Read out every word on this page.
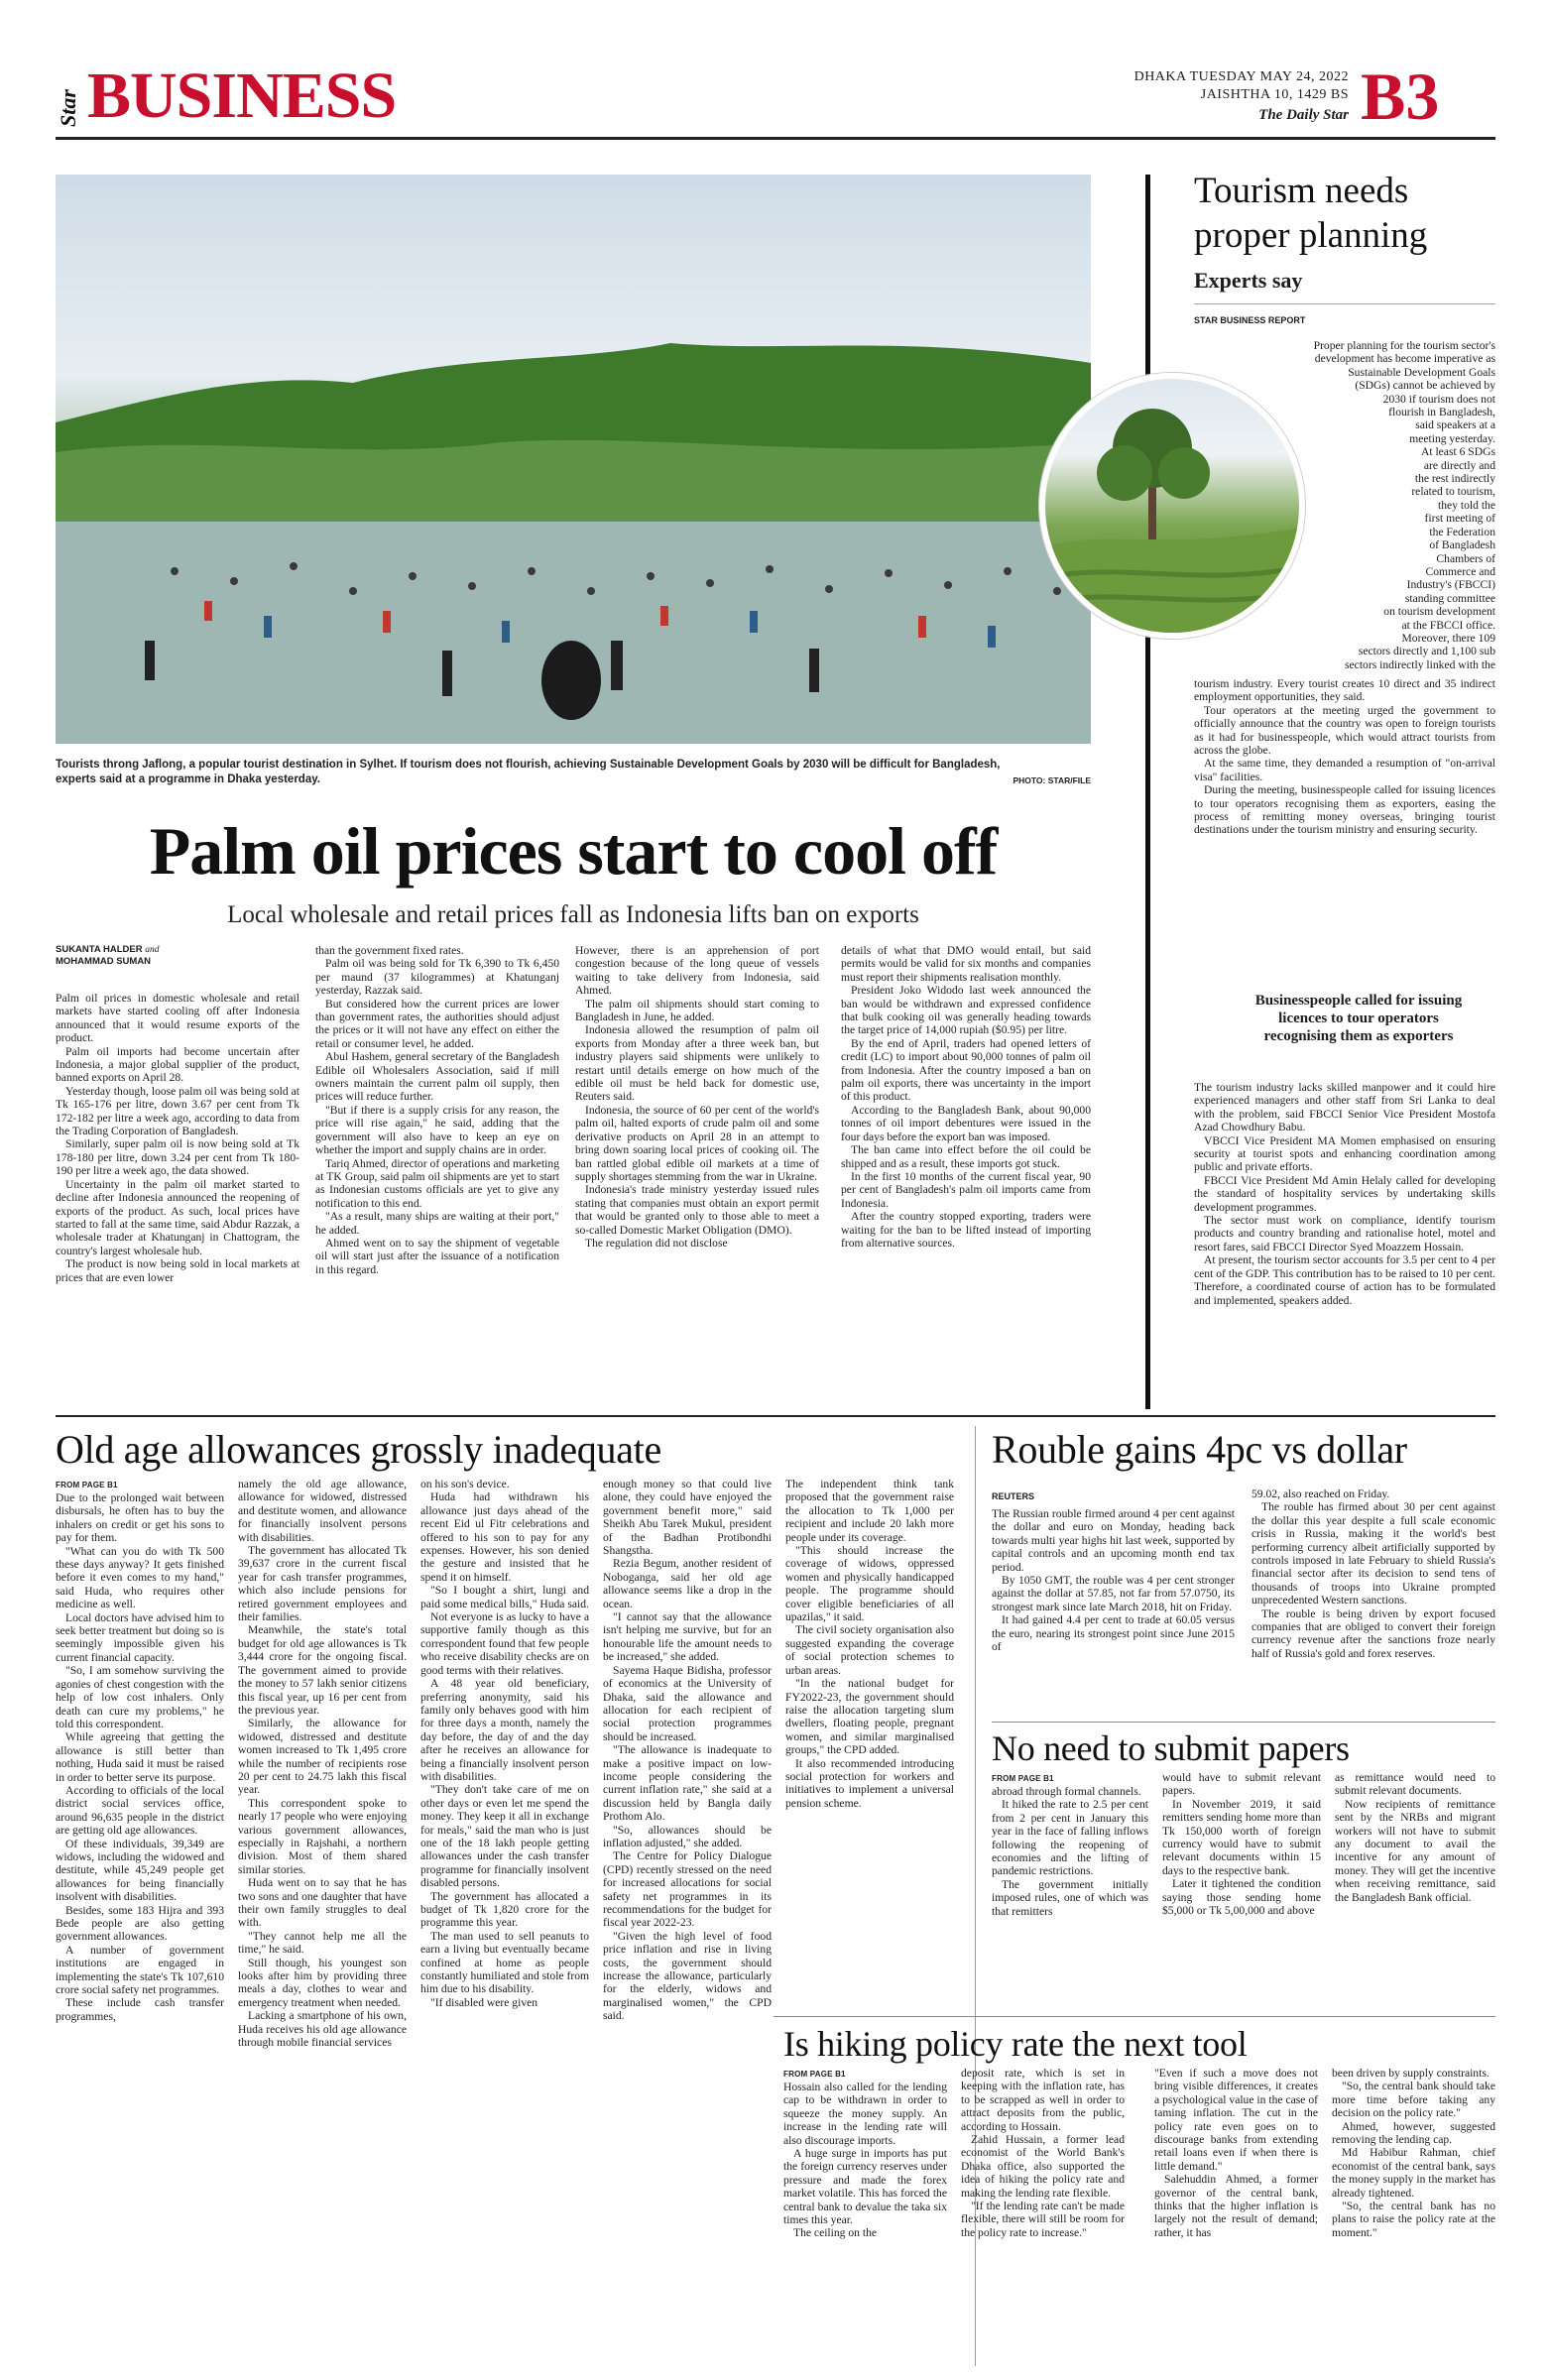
Star BUSINESS	DHAKA TUESDAY MAY 24, 2022
JAISHTHA 10, 1429 BS
The Daily Star B3
Tourists throng Jaflong, a popular tourist destination in Sylhet. If tourism does not flourish, achieving Sustainable Development Goals by 2030 will be difficult for Bangladesh, experts said at a programme in Dhaka yesterday.	PHOTO: STAR/FILE
Palm oil prices start to cool off
Local wholesale and retail prices fall as Indonesia lifts ban on exports
SUKANTA HALDER and
MOHAMMAD SUMAN

Palm oil prices in domestic wholesale and retail markets have started cooling off after Indonesia announced that it would resume exports of the product.

Palm oil imports had become uncertain after Indonesia, a major global supplier of the product, banned exports on April 28.

Yesterday though, loose palm oil was being sold at Tk 165-176 per litre, down 3.67 per cent from Tk 172-182 per litre a week ago, according to data from the Trading Corporation of Bangladesh.

Similarly, super palm oil is now being sold at Tk 178-180 per litre, down 3.24 per cent from Tk 180-190 per litre a week ago, the data showed.

Uncertainty in the palm oil market started to decline after Indonesia announced the reopening of exports of the product. As such, local prices have started to fall at the same time, said Abdur Razzak, a wholesale trader at Khatunganj in Chattogram, the country's largest wholesale hub.

The product is now being sold in local markets at prices that are even lower

than the government fixed rates.

Palm oil was being sold for Tk 6,390 to Tk 6,450 per maund (37 kilogrammes) at Khatunganj yesterday, Razzak said.

But considered how the current prices are lower than government rates, the authorities should adjust the prices or it will not have any effect on either the retail or consumer level, he added.

Abul Hashem, general secretary of the Bangladesh Edible oil Wholesalers Association, said if mill owners maintain the current palm oil supply, then prices will reduce further.

"But if there is a supply crisis for any reason, the price will rise again," he said, adding that the government will also have to keep an eye on whether the import and supply chains are in order.

Tariq Ahmed, director of operations and marketing at TK Group, said palm oil shipments are yet to start as Indonesian customs officials are yet to give any notification to this end.

"As a result, many ships are waiting at their port," he added.

Ahmed went on to say the shipment of vegetable oil will start just after the issuance of a notification in this regard.

However, there is an apprehension of port congestion because of the long queue of vessels waiting to take delivery from Indonesia, said Ahmed.

The palm oil shipments should start coming to Bangladesh in June, he added.

Indonesia allowed the resumption of palm oil exports from Monday after a three week ban, but industry players said shipments were unlikely to restart until details emerge on how much of the edible oil must be held back for domestic use, Reuters said.

Indonesia, the source of 60 per cent of the world's palm oil, halted exports of crude palm oil and some derivative products on April 28 in an attempt to bring down soaring local prices of cooking oil. The ban rattled global edible oil markets at a time of supply shortages stemming from the war in Ukraine.

Indonesia's trade ministry yesterday issued rules stating that companies must obtain an export permit that would be granted only to those able to meet a so-called Domestic Market Obligation (DMO).

The regulation did not disclose

details of what that DMO would entail, but said permits would be valid for six months and companies must report their shipments realisation monthly.

President Joko Widodo last week announced the ban would be withdrawn and expressed confidence that bulk cooking oil was generally heading towards the target price of 14,000 rupiah ($0.95) per litre.

By the end of April, traders had opened letters of credit (LC) to import about 90,000 tonnes of palm oil from Indonesia. After the country imposed a ban on palm oil exports, there was uncertainty in the import of this product.

According to the Bangladesh Bank, about 90,000 tonnes of oil import debentures were issued in the four days before the export ban was imposed.

The ban came into effect before the oil could be shipped and as a result, these imports got stuck.

In the first 10 months of the current fiscal year, 90 per cent of Bangladesh's palm oil imports came from Indonesia.

After the country stopped exporting, traders were waiting for the ban to be lifted instead of importing from alternative sources.

Tourism needs proper planning
Experts say
STAR BUSINESS REPORT
Proper planning for the tourism sector's
development has become imperative as
Sustainable Development Goals
(SDGs) cannot be achieved by
2030 if tourism does not
flourish in Bangladesh,
said speakers at a
meeting yesterday.
At least 6 SDGs
are directly and
the rest indirectly
related to tourism,
they told the
first meeting of
the Federation
of Bangladesh
Chambers of
Commerce and
Industry's (FBCCI)
standing committee
on tourism development
at the FBCCI office.
Moreover, there 109
sectors directly and 1,100 sub
sectors indirectly linked with the

tourism industry. Every tourist creates 10 direct and 35 indirect employment opportunities, they said.

Tour operators at the meeting urged the government to officially announce that the country was open to foreign tourists as it had for businesspeople, which would attract tourists from across the globe.

At the same time, they demanded a resumption of "on-arrival visa" facilities.

During the meeting, businesspeople called for issuing licences to tour operators recognising them as exporters, easing the process of remitting money overseas, bringing tourist destinations under the tourism ministry and ensuring security.

Businesspeople called for issuing licences to tour operators recognising them as exporters

The tourism industry lacks skilled manpower and it could hire experienced managers and other staff from Sri Lanka to deal with the problem, said FBCCI Senior Vice President Mostofa Azad Chowdhury Babu.

VBCCI Vice President MA Momen emphasised on ensuring security at tourist spots and enhancing coordination among public and private efforts.

FBCCI Vice President Md Amin Helaly called for developing the standard of hospitality services by undertaking skills development programmes.

The sector must work on compliance, identify tourism products and country branding and rationalise hotel, motel and resort fares, said FBCCI Director Syed Moazzem Hossain.

At present, the tourism sector accounts for 3.5 per cent to 4 per cent of the GDP. This contribution has to be raised to 10 per cent. Therefore, a coordinated course of action has to be formulated and implemented, speakers added.

Old age allowances grossly inadequate
FROM PAGE B1

Due to the prolonged wait between disbursals, he often has to buy the inhalers on credit or get his sons to pay for them.

"What can you do with Tk 500 these days anyway? It gets finished before it even comes to my hand," said Huda, who requires other medicine as well.

Local doctors have advised him to seek better treatment but doing so is seemingly impossible given his current financial capacity.

"So, I am somehow surviving the agonies of chest congestion with the help of low cost inhalers. Only death can cure my problems," he told this correspondent.

While agreeing that getting the allowance is still better than nothing, Huda said it must be raised in order to better serve its purpose.

According to officials of the local district social services office, around 96,635 people in the district are getting old age allowances.

Of these individuals, 39,349 are widows, including the widowed and destitute, while 45,249 people get allowances for being financially insolvent with disabilities.

Besides, some 183 Hijra and 393 Bede people are also getting government allowances.

A number of government institutions are engaged in implementing the state's Tk 107,610 crore social safety net programmes.

These include cash transfer programmes,

namely the old age allowance, allowance for widowed, distressed and destitute women, and allowance for financially insolvent persons with disabilities.

The government has allocated Tk 39,637 crore in the current fiscal year for cash transfer programmes, which also include pensions for retired government employees and their families.

Meanwhile, the state's total budget for old age allowances is Tk 3,444 crore for the ongoing fiscal. The government aimed to provide the money to 57 lakh senior citizens this fiscal year, up 16 per cent from the previous year.

Similarly, the allowance for widowed, distressed and destitute women increased to Tk 1,495 crore while the number of recipients rose 20 per cent to 24.75 lakh this fiscal year.

This correspondent spoke to nearly 17 people who were enjoying various government allowances, especially in Rajshahi, a northern division. Most of them shared similar stories.

Huda went on to say that he has two sons and one daughter that have their own family struggles to deal with.

"They cannot help me all the time," he said.

Still though, his youngest son looks after him by providing three meals a day, clothes to wear and emergency treatment when needed.

Lacking a smartphone of his own, Huda receives his old age allowance through mobile financial services

on his son's device.

Huda had withdrawn his allowance just days ahead of the recent Eid ul Fitr celebrations and offered to his son to pay for any expenses. However, his son denied the gesture and insisted that he spend it on himself.

"So I bought a shirt, lungi and paid some medical bills," Huda said.

Not everyone is as lucky to have a supportive family though as this correspondent found that few people who receive disability checks are on good terms with their relatives.

A 48 year old beneficiary, preferring anonymity, said his family only behaves good with him for three days a month, namely the day before, the day of and the day after he receives an allowance for being a financially insolvent person with disabilities.

"They don't take care of me on other days or even let me spend the money. They keep it all in exchange for meals," said the man who is just one of the 18 lakh people getting allowances under the cash transfer programme for financially insolvent disabled persons.

The government has allocated a budget of Tk 1,820 crore for the programme this year.

The man used to sell peanuts to earn a living but eventually became confined at home as people constantly humiliated and stole from him due to his disability.

"If disabled were given

enough money so that could live alone, they could have enjoyed the government benefit more," said Sheikh Abu Tarek Mukul, president of the Badhan Protibondhi Shangstha.

Rezia Begum, another resident of Nobogangа, said her old age allowance seems like a drop in the ocean.

"I cannot say that the allowance isn't helping me survive, but for an honourable life the amount needs to be increased," she added.

Sayema Haque Bidisha, professor of economics at the University of Dhaka, said the allowance and allocation for each recipient of social protection programmes should be increased.

"The allowance is inadequate to make a positive impact on low-income people considering the current inflation rate," she said at a discussion held by Bangla daily Prothom Alo.

"So, allowances should be inflation adjusted," she added.

The Centre for Policy Dialogue (CPD) recently stressed on the need for increased allocations for social safety net programmes in its recommendations for the budget for fiscal year 2022-23.

"Given the high level of food price inflation and rise in living costs, the government should increase the allowance, particularly for the elderly, widows and marginalised women," the CPD said.

The independent think tank proposed that the government raise the allocation to Tk 1,000 per recipient and include 20 lakh more people under its coverage.

"This should increase the coverage of widows, oppressed women and physically handicapped people. The programme should cover eligible beneficiaries of all upazilas," it said.

The civil society organisation also suggested expanding the coverage of social protection schemes to urban areas.

"In the national budget for FY2022-23, the government should raise the allocation targeting slum dwellers, floating people, pregnant women, and similar marginalised groups," the CPD added.

It also recommended introducing social protection for workers and initiatives to implement a universal pension scheme.

Rouble gains 4pc vs dollar
REUTERS

The Russian rouble firmed around 4 per cent against the dollar and euro on Monday, heading back towards multi year highs hit last week, supported by capital controls and an upcoming month end tax period.

By 1050 GMT, the rouble was 4 per cent stronger against the dollar at 57.85, not far from 57.0750, its strongest mark since late March 2018, hit on Friday.

It had gained 4.4 per cent to trade at 60.05 versus the euro, nearing its strongest point since June 2015 of

59.02, also reached on Friday.

The rouble has firmed about 30 per cent against the dollar this year despite a full scale economic crisis in Russia, making it the world's best performing currency albeit artificially supported by controls imposed in late February to shield Russia's financial sector after its decision to send tens of thousands of troops into Ukraine prompted unprecedented Western sanctions.

The rouble is being driven by export focused companies that are obliged to convert their foreign currency revenue after the sanctions froze nearly half of Russia's gold and forex reserves.

No need to submit papers
FROM PAGE B1

abroad through formal channels.

It hiked the rate to 2.5 per cent from 2 per cent in January this year in the face of falling inflows following the reopening of economies and the lifting of pandemic restrictions.

The government initially imposed rules, one of which was that remitters

would have to submit relevant papers.

In November 2019, it said remitters sending home more than Tk 150,000 worth of foreign currency would have to submit relevant documents within 15 days to the respective bank.

Later it tightened the condition saying those sending home $5,000 or Tk 5,00,000 and above

as remittance would need to submit relevant documents.

Now recipients of remittance sent by the NRBs and migrant workers will not have to submit any document to avail the incentive for any amount of money. They will get the incentive when receiving remittance, said the Bangladesh Bank official.

Is hiking policy rate the next tool
FROM PAGE B1

Hossain also called for the lending cap to be withdrawn in order to squeeze the money supply. An increase in the lending rate will also discourage imports.

A huge surge in imports has put the foreign currency reserves under pressure and made the forex market volatile. This has forced the central bank to devalue the taka six times this year.

The ceiling on the

deposit rate, which is set in keeping with the inflation rate, has to be scrapped as well in order to attract deposits from the public, according to Hossain.

Zahid Hussain, a former lead economist of the World Bank's Dhaka office, also supported the idea of hiking the policy rate and making the lending rate flexible.

"If the lending rate can't be made flexible, there will still be room for the policy rate to increase."

"Even if such a move does not bring visible differences, it creates a psychological value in the case of taming inflation. The cut in the policy rate even goes on to discourage banks from extending retail loans even if when there is little demand."

Salehuddin Ahmed, a former governor of the central bank, thinks that the higher inflation is largely not the result of demand; rather, it has

been driven by supply constraints.

"So, the central bank should take more time before taking any decision on the policy rate."

Ahmed, however, suggested removing the lending cap.

Md Habibur Rahman, chief economist of the central bank, says the money supply in the market has already tightened.

"So, the central bank has no plans to raise the policy rate at the moment."
